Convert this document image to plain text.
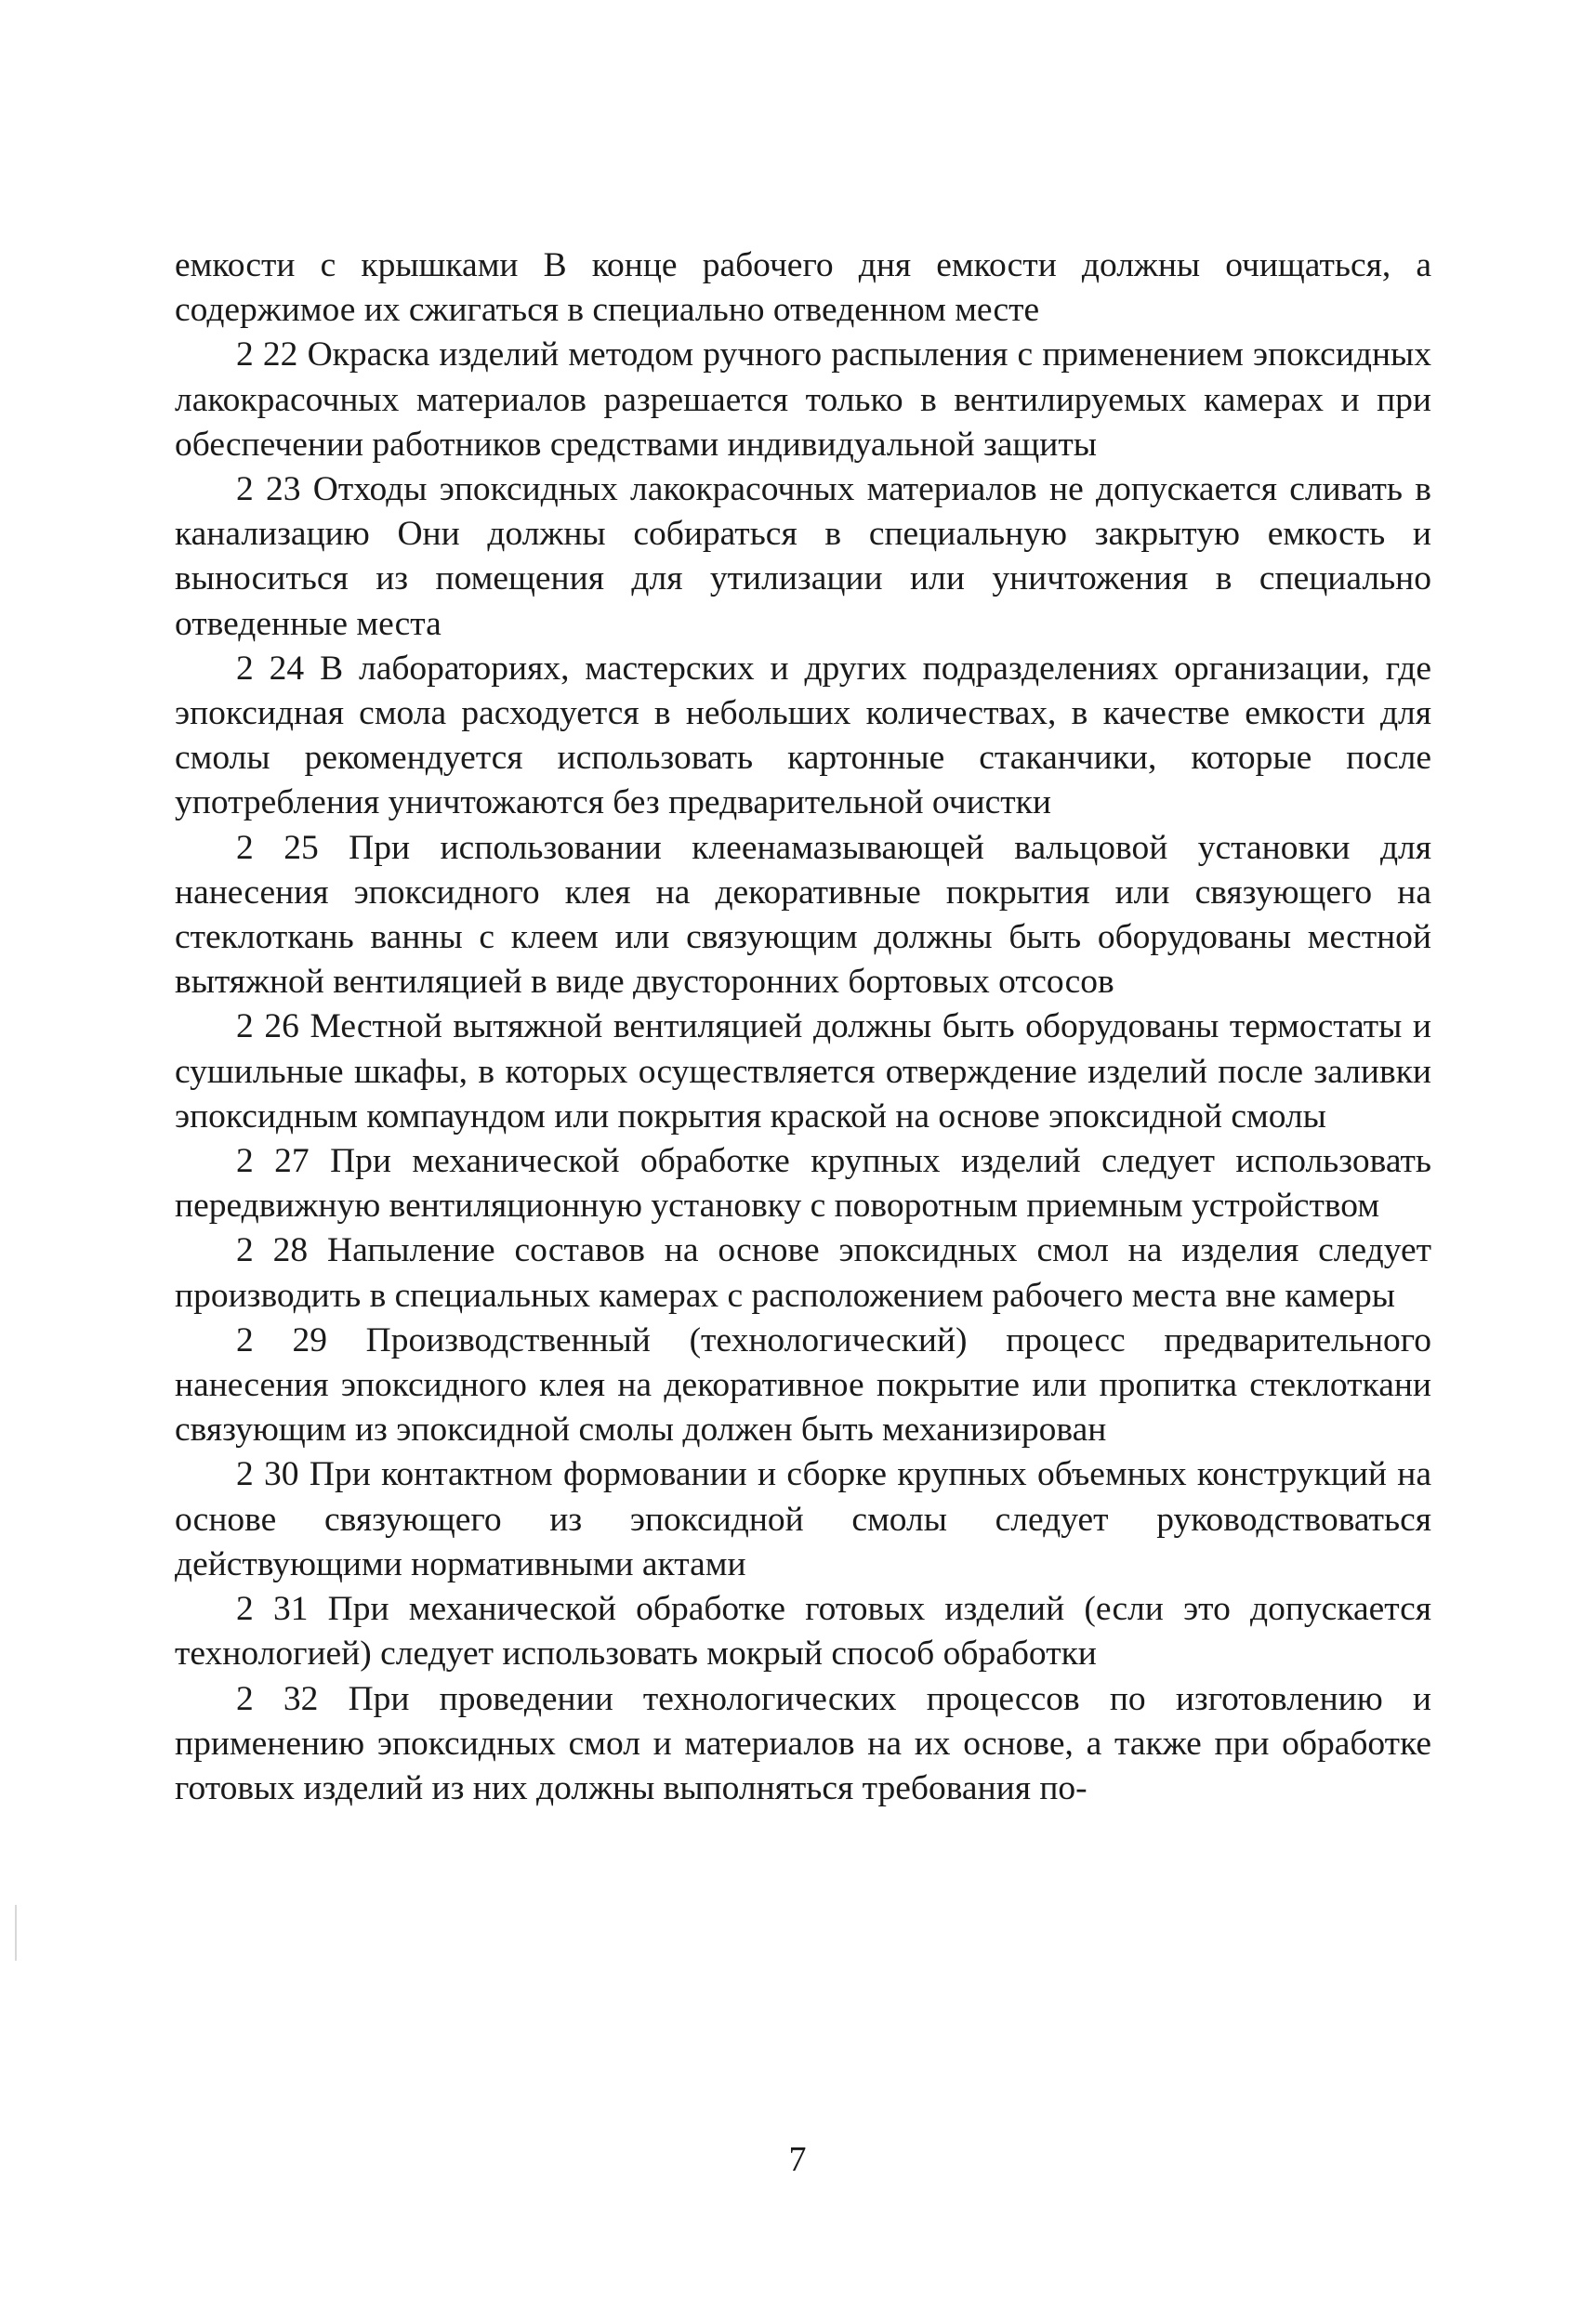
емкости с крышками В конце рабочего дня емкости должны очищаться, а содержимое их сжигаться в специально отведенном месте

2 22 Окраска изделий методом ручного распыления с применением эпоксидных лакокрасочных материалов разрешается только в вентилируемых камерах и при обеспечении работников средствами индивидуальной защиты

2 23 Отходы эпоксидных лакокрасочных материалов не допускается сливать в канализацию Они должны собираться в специальную закрытую емкость и выноситься из помещения для утилизации или уничтожения в специально отведенные места

2 24 В лабораториях, мастерских и других подразделениях организации, где эпоксидная смола расходуется в небольших количествах, в качестве емкости для смолы рекомендуется использовать картонные стаканчики, которые после употребления уничтожаются без предварительной очистки

2 25 При использовании клеенамазывающей вальцовой установки для нанесения эпоксидного клея на декоративные покрытия или связующего на стеклоткань ванны с клеем или связующим должны быть оборудованы местной вытяжной вентиляцией в виде двусторонних бортовых отсосов

2 26 Местной вытяжной вентиляцией должны быть оборудованы термостаты и сушильные шкафы, в которых осуществляется отверждение изделий после заливки эпоксидным компаундом или покрытия краской на основе эпоксидной смолы

2 27 При механической обработке крупных изделий следует использовать передвижную вентиляционную установку с поворотным приемным устройством

2 28 Напыление составов на основе эпоксидных смол на изделия следует производить в специальных камерах с расположением рабочего места вне камеры

2 29 Производственный (технологический) процесс предварительного нанесения эпоксидного клея на декоративное покрытие или пропитка стеклоткани связующим из эпоксидной смолы должен быть механизирован

2 30 При контактном формовании и сборке крупных объемных конструкций на основе связующего из эпоксидной смолы следует руководствоваться действующими нормативными актами

2 31 При механической обработке готовых изделий (если это допускается технологией) следует использовать мокрый способ обработки

2 32 При проведении технологических процессов по изготовлению и применению эпоксидных смол и материалов на их основе, а также при обработке готовых изделий из них должны выполняться требования по-

7
